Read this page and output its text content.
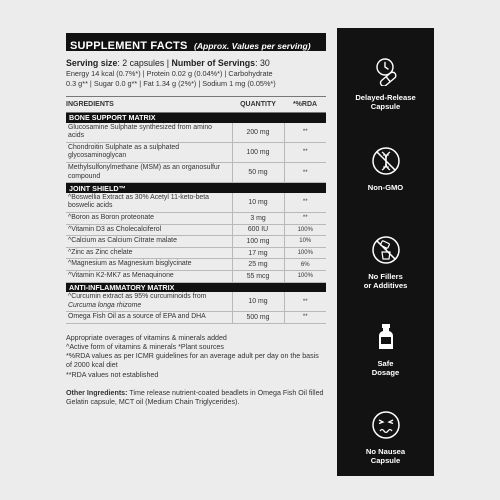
SUPPLEMENT FACTS (Approx. Values per serving)
Serving size: 2 capsules | Number of Servings: 30
Energy 14 kcal (0.7%*) | Protein 0.02 g (0.04%*) | Carbohydrate
0.3 g** | Sugar 0.0 g** | Fat 1.34 g (2%*) | Sodium 1 mg (0.05%*)
INGREDIENTS	QUANTITY	*%RDA
BONE SUPPORT MATRIX		
Glucosamine Sulphate synthesized from amino acids	200 mg	**
Chondroitin Sulphate as a sulphated glycosaminoglycan	100 mg	**
Methylsulfonylmethane (MSM) as an organosulfur compound	50 mg	**
JOINT SHIELD™		
^Boswellia Extract as 30% Acetyl 11-keto-beta boswelic acids	10 mg	**
^Boron as Boron proteonate	3 mg	**
^Vitamin D3 as Cholecalciferol	600 IU	100%
^Calcium as Calcium Citrate malate	100 mg	10%
^Zinc as Zinc chelate	17 mg	100%
^Magnesium as Magnesium bisglycinate	25 mg	6%
^Vitamin K2-MK7 as Menaquinone	55 mcg	100%
ANTI-INFLAMMATORY MATRIX		
^Curcumin extract as 95% curcuminoids from Curcuma longa rhizome	10 mg	**
Omega Fish Oil as a source of EPA and DHA	500 mg	**
Appropriate overages of vitamins & minerals added
^Active form of vitamins & minerals *Plant sources
*%RDA values as per ICMR guidelines for an average adult per day on the basis of 2000 kcal diet
**RDA values not established
Other Ingredients: Time release nutrient-coated beadlets in Omega Fish Oil filled Gelatin capsule, MCT oil (Medium Chain Triglycerides).
Delayed-Release
Capsule
Non-GMO
No Fillers
or Additives
Safe
Dosage
No Nausea
Capsule
